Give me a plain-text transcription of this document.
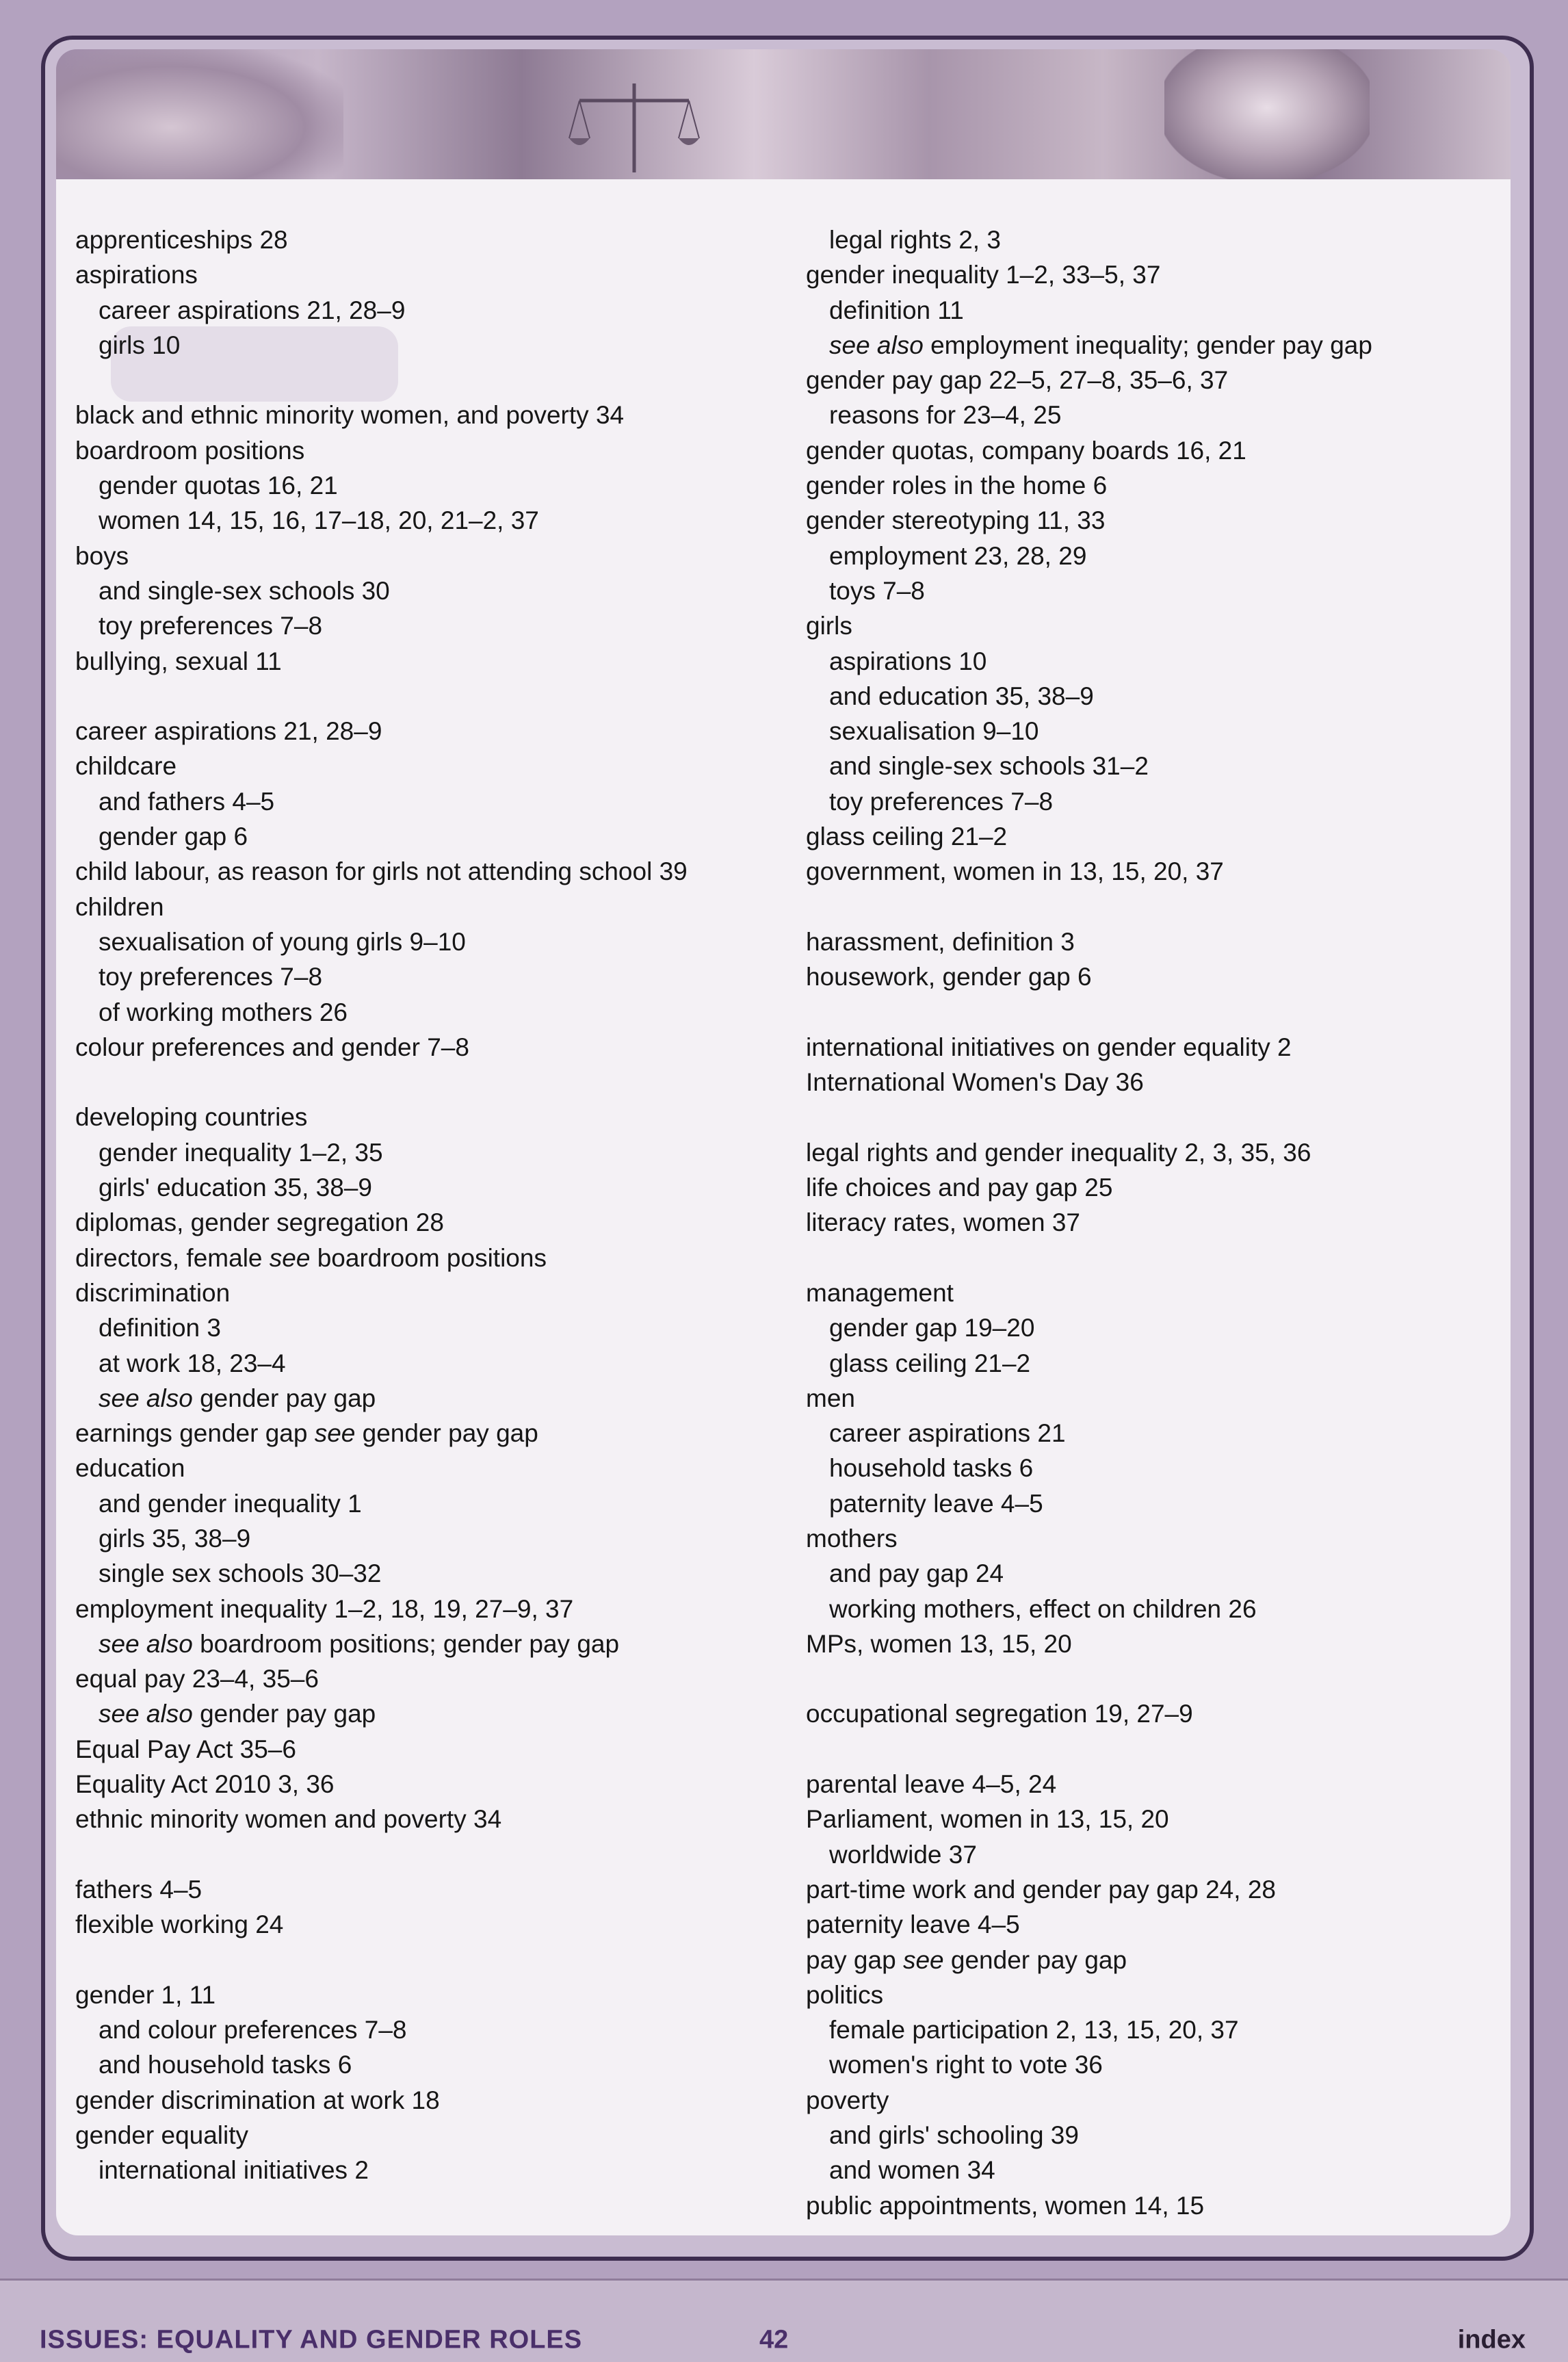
apprenticeships 28
aspirations
career aspirations 21, 28–9
girls 10
black and ethnic minority women, and poverty 34
boardroom positions
gender quotas 16, 21
women 14, 15, 16, 17–18, 20, 21–2, 37
boys
and single-sex schools 30
toy preferences 7–8
bullying, sexual 11
career aspirations 21, 28–9
childcare
and fathers 4–5
gender gap 6
child labour, as reason for girls not attending school 39
children
sexualisation of young girls 9–10
toy preferences 7–8
of working mothers 26
colour preferences and gender 7–8
developing countries
gender inequality 1–2, 35
girls' education 35, 38–9
diplomas, gender segregation 28
directors, female see boardroom positions
discrimination
definition 3
at work 18, 23–4
see also gender pay gap
earnings gender gap see gender pay gap
education
and gender inequality 1
girls 35, 38–9
single sex schools 30–32
employment inequality 1–2, 18, 19, 27–9, 37
see also boardroom positions; gender pay gap
equal pay 23–4, 35–6
see also gender pay gap
Equal Pay Act 35–6
Equality Act 2010 3, 36
ethnic minority women and poverty 34
fathers 4–5
flexible working 24
gender 1, 11
and colour preferences 7–8
and household tasks 6
gender discrimination at work 18
gender equality
international initiatives 2
legal rights 2, 3
gender inequality 1–2, 33–5, 37
definition 11
see also employment inequality; gender pay gap
gender pay gap 22–5, 27–8, 35–6, 37
reasons for 23–4, 25
gender quotas, company boards 16, 21
gender roles in the home 6
gender stereotyping 11, 33
employment 23, 28, 29
toys 7–8
girls
aspirations 10
and education 35, 38–9
sexualisation 9–10
and single-sex schools 31–2
toy preferences 7–8
glass ceiling 21–2
government, women in 13, 15, 20, 37
harassment, definition 3
housework, gender gap 6
international initiatives on gender equality 2
International Women's Day 36
legal rights and gender inequality 2, 3, 35, 36
life choices and pay gap 25
literacy rates, women 37
management
gender gap 19–20
glass ceiling 21–2
men
career aspirations 21
household tasks 6
paternity leave 4–5
mothers
and pay gap 24
working mothers, effect on children 26
MPs, women 13, 15, 20
occupational segregation 19, 27–9
parental leave 4–5, 24
Parliament, women in 13, 15, 20
worldwide 37
part-time work and gender pay gap 24, 28
paternity leave 4–5
pay gap see gender pay gap
politics
female participation 2, 13, 15, 20, 37
women's right to vote 36
poverty
and girls' schooling 39
and women 34
public appointments, women 14, 15
ISSUES: EQUALITY AND GENDER ROLES	42	index
